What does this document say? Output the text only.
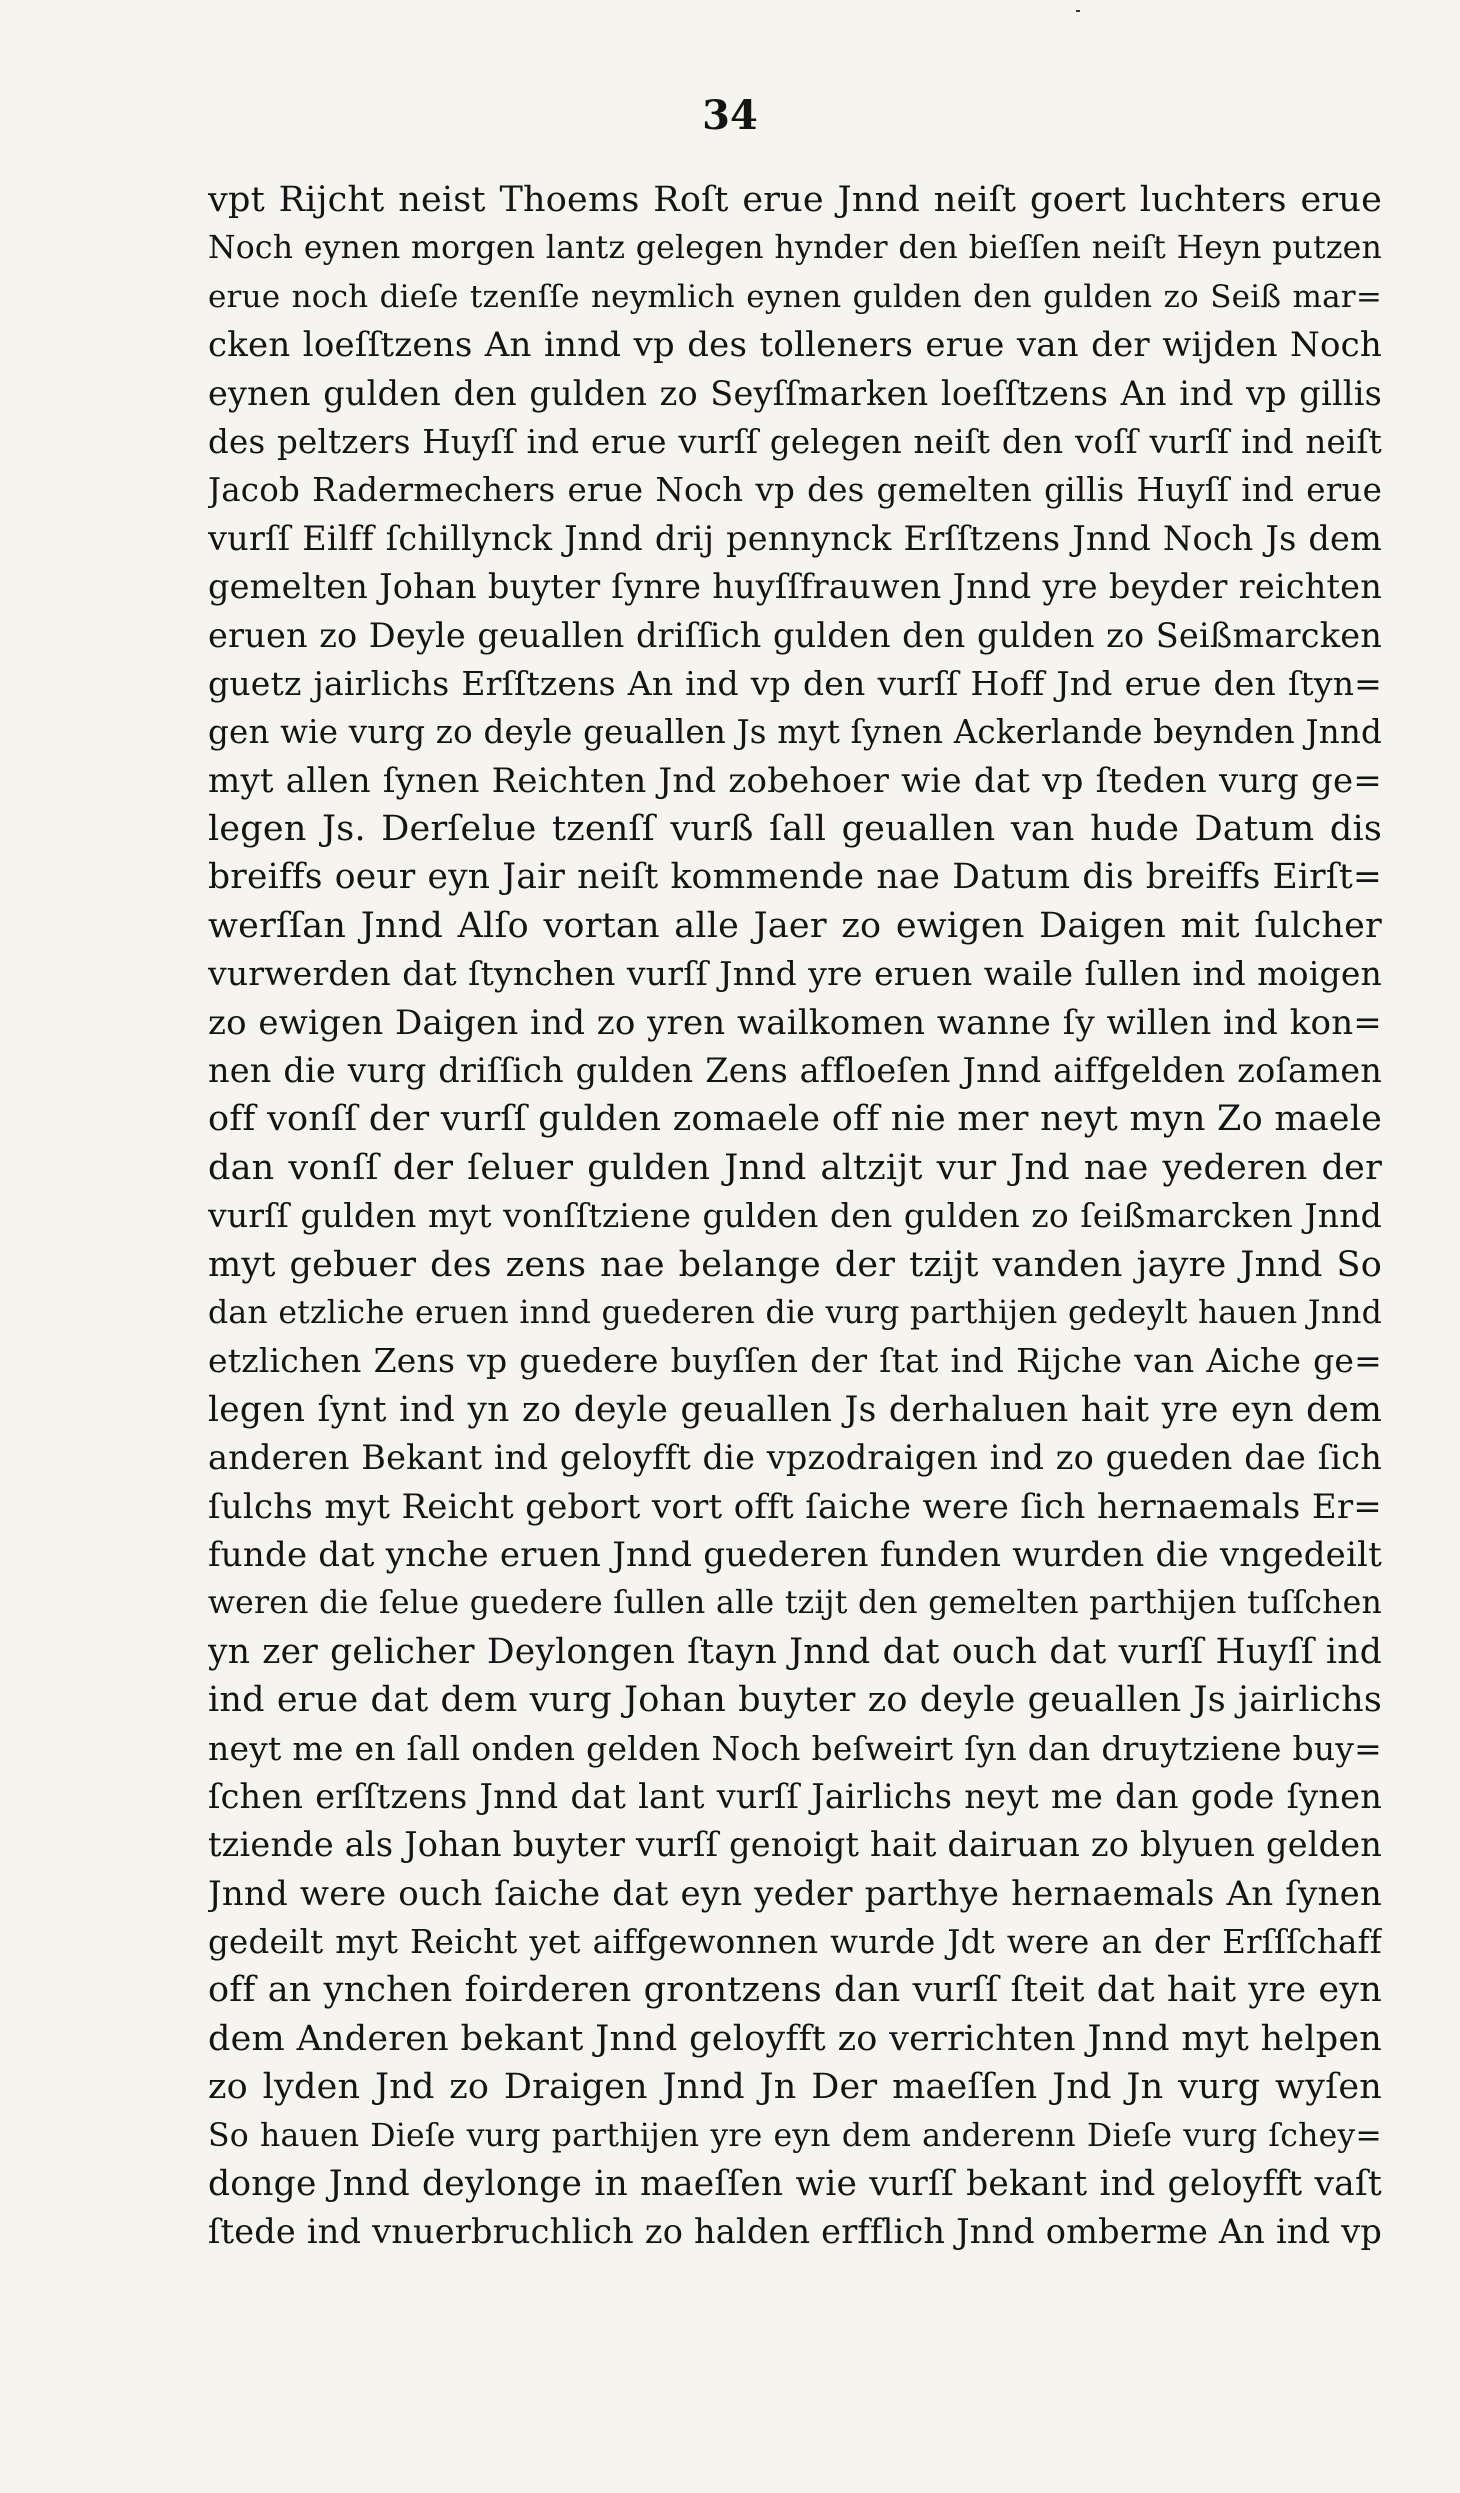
34
vpt Rijcht neist Thoems Roſt erue Jnnd neiſt goert luchters erue
Noch eynen morgen lantz gelegen hynder den bieſſen neiſt Heyn putzen
erue noch dieſe tzenſſe neymlich eynen gulden den gulden zo Seiß mar=
cken loeſſtzens An innd vp des tolleners erue van der wijden Noch
eynen gulden den gulden zo Seyſſmarken loeſſtzens An ind vp gillis
des peltzers Huyſſ ind erue vurſſ gelegen neiſt den voſſ vurſſ ind neiſt
Jacob Radermechers erue Noch vp des gemelten gillis Huyſſ ind erue
vurſſ Eilff ſchillynck Jnnd drij pennynck Erſſtzens Jnnd Noch Js dem
gemelten Johan buyter ſynre huyſſfrauwen Jnnd yre beyder reichten
eruen zo Deyle geuallen driſſich gulden den gulden zo Seißmarcken
guetz jairlichs Erſſtzens An ind vp den vurſſ Hoff Jnd erue den ſtyn=
gen wie vurg zo deyle geuallen Js myt ſynen Ackerlande beynden Jnnd
myt allen ſynen Reichten Jnd zobehoer wie dat vp ſteden vurg ge=
legen Js. Derſelue tzenſſ vurß ſall geuallen van hude Datum dis
breiffs oeur eyn Jair neiſt kommende nae Datum dis breiffs Eirſt=
werſſan Jnnd Alſo vortan alle Jaer zo ewigen Daigen mit ſulcher
vurwerden dat ſtynchen vurſſ Jnnd yre eruen waile ſullen ind moigen
zo ewigen Daigen ind zo yren wailkomen wanne ſy willen ind kon=
nen die vurg driſſich gulden Zens affloeſen Jnnd aiffgelden zoſamen
off vonſſ der vurſſ gulden zomaele off nie mer neyt myn Zo maele
dan vonſſ der ſeluer gulden Jnnd altzijt vur Jnd nae yederen der
vurſſ gulden myt vonſſtziene gulden den gulden zo ſeißmarcken Jnnd
myt gebuer des zens nae belange der tzijt vanden jayre Jnnd So
dan etzliche eruen innd guederen die vurg parthijen gedeylt hauen Jnnd
etzlichen Zens vp guedere buyſſen der ſtat ind Rijche van Aiche ge=
legen ſynt ind yn zo deyle geuallen Js derhaluen hait yre eyn dem
anderen Bekant ind geloyfft die vpzodraigen ind zo gueden dae ſich
ſulchs myt Reicht gebort vort offt ſaiche were ſich hernaemals Er=
funde dat ynche eruen Jnnd guederen funden wurden die vngedeilt
weren die ſelue guedere ſullen alle tzijt den gemelten parthijen tuſſchen
yn zer gelicher Deylongen ſtayn Jnnd dat ouch dat vurſſ Huyſſ ind
ind erue dat dem vurg Johan buyter zo deyle geuallen Js jairlichs
neyt me en ſall onden gelden Noch beſweirt ſyn dan druytziene buy=
ſchen erſſtzens Jnnd dat lant vurſſ Jairlichs neyt me dan gode ſynen
tziende als Johan buyter vurſſ genoigt hait dairuan zo blyuen gelden
Jnnd were ouch ſaiche dat eyn yeder parthye hernaemals An ſynen
gedeilt myt Reicht yet aiffgewonnen wurde Jdt were an der Erſſſchaff
off an ynchen foirderen grontzens dan vurſſ ſteit dat hait yre eyn
dem Anderen bekant Jnnd geloyfft zo verrichten Jnnd myt helpen
zo lyden Jnd zo Draigen Jnnd Jn Der maeſſen Jnd Jn vurg wyſen
So hauen Dieſe vurg parthijen yre eyn dem anderenn Dieſe vurg ſchey=
donge Jnnd deylonge in maeſſen wie vurſſ bekant ind geloyfft vaſt
ſtede ind vnuerbruchlich zo halden erfflich Jnnd omberme An ind vp
